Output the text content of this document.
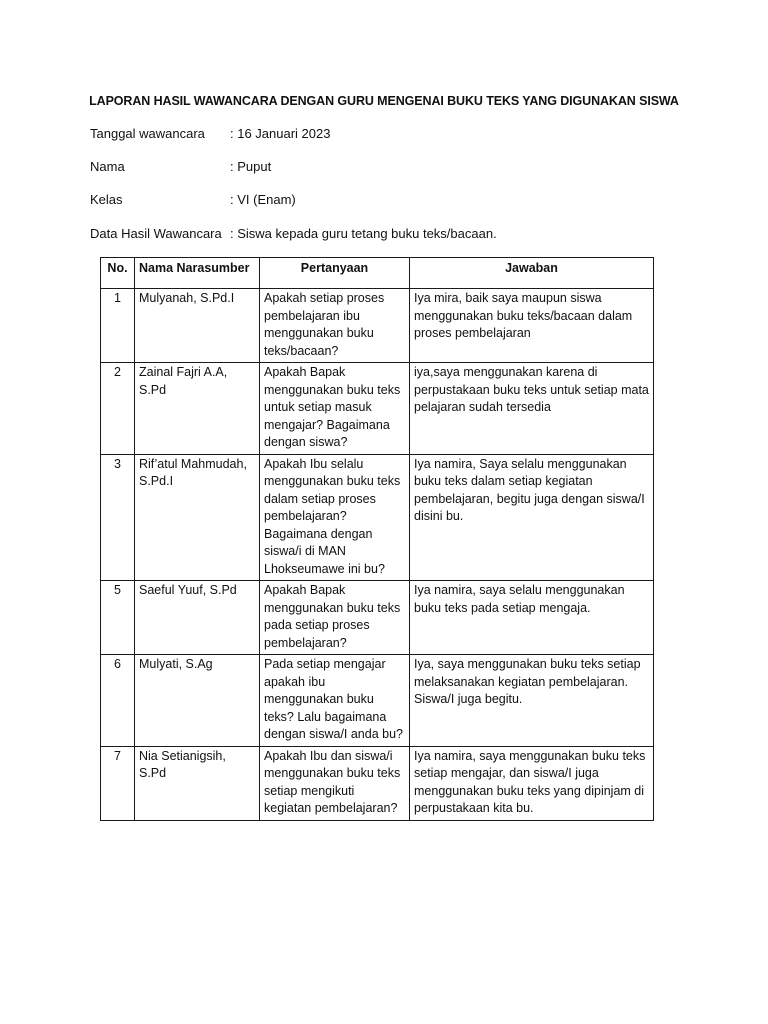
LAPORAN HASIL WAWANCARA DENGAN GURU MENGENAI BUKU TEKS YANG DIGUNAKAN SISWA
Tanggal wawancara : 16 Januari 2023
Nama	: Puput
Kelas	: VI (Enam)
Data Hasil Wawancara : Siswa kepada guru tetang buku teks/bacaan.
No.	Nama Narasumber	Pertanyaan	Jawaban
1	Mulyanah, S.Pd.I	Apakah setiap proses pembelajaran ibu menggunakan buku teks/bacaan?	Iya mira, baik saya maupun siswa menggunakan buku teks/bacaan dalam proses pembelajaran
2	Zainal Fajri A.A, S.Pd	Apakah Bapak menggunakan buku teks untuk setiap masuk mengajar? Bagaimana dengan siswa?	iya,saya menggunakan karena di perpustakaan buku teks untuk setiap mata pelajaran sudah tersedia
3	Rif’atul Mahmudah, S.Pd.I	Apakah Ibu selalu menggunakan buku teks dalam setiap proses pembelajaran? Bagaimana dengan siswa/i di MAN Lhokseumawe ini bu?	Iya namira, Saya selalu menggunakan buku teks dalam setiap kegiatan pembelajaran, begitu juga dengan siswa/I disini bu.
5	Saeful Yuuf, S.Pd	Apakah Bapak menggunakan buku teks pada setiap proses pembelajaran?	Iya namira, saya selalu menggunakan buku teks pada setiap mengaja.
6	Mulyati, S.Ag	Pada setiap mengajar apakah ibu menggunakan buku teks? Lalu bagaimana dengan siswa/I anda bu?	Iya, saya menggunakan buku teks setiap melaksanakan kegiatan pembelajaran. Siswa/I juga begitu.
7	Nia Setianigsih, S.Pd	Apakah Ibu dan siswa/i menggunakan buku teks setiap mengikuti kegiatan pembelajaran?	Iya namira, saya menggunakan buku teks setiap mengajar, dan siswa/I juga menggunakan buku teks yang dipinjam di perpustakaan kita bu.
